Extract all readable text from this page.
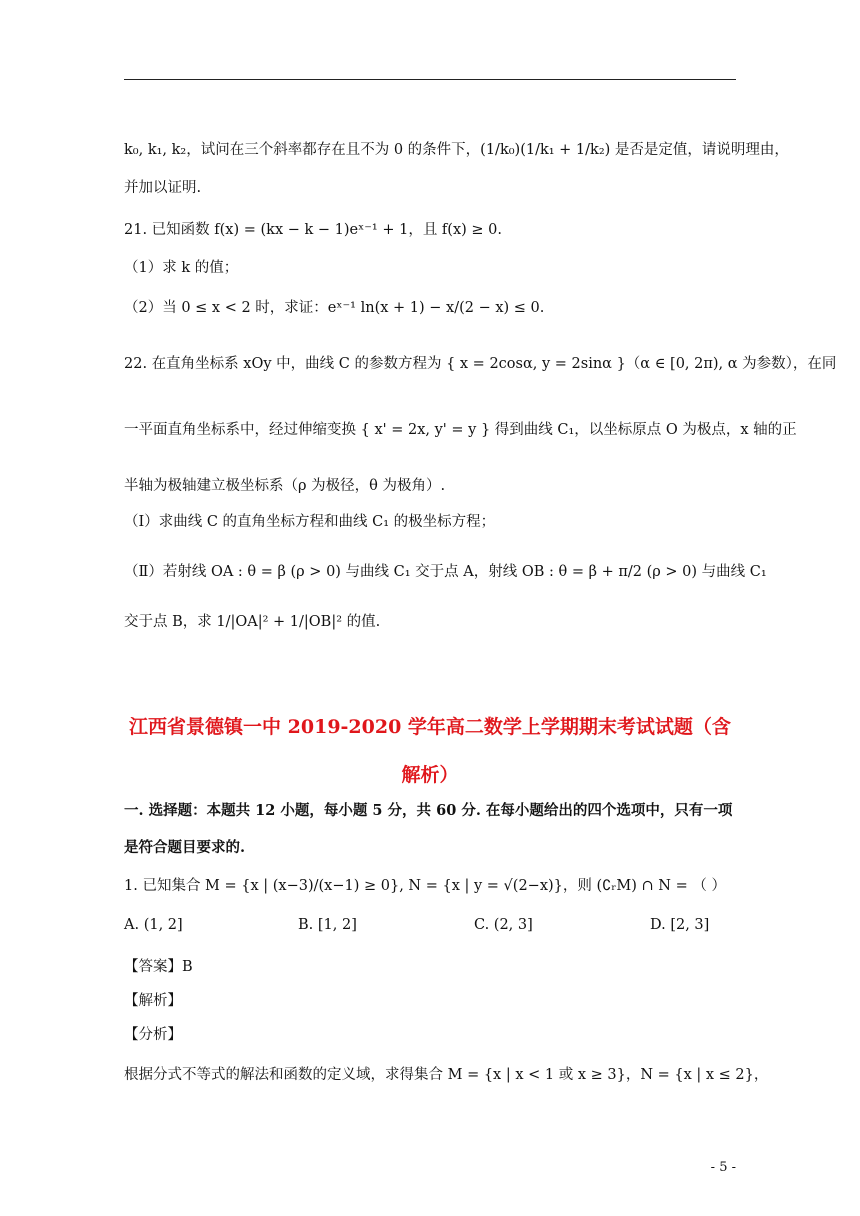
k₀, k₁, k₂，试问在三个斜率都存在且不为 0 的条件下，(1/k₀)(1/k₁ + 1/k₂) 是否是定值，请说明理由，
并加以证明.
21. 已知函数 f(x) = (kx − k − 1)eˣ⁻¹ + 1，且 f(x) ≥ 0.
（1）求 k 的值；
（2）当 0 ≤ x < 2 时，求证：eˣ⁻¹ ln(x + 1) − x/(2 − x) ≤ 0.
22. 在直角坐标系 xOy 中，曲线 C 的参数方程为 { x = 2cosα, y = 2sinα }（α ∈ [0, 2π), α 为参数），在同
一平面直角坐标系中，经过伸缩变换 { x' = 2x, y' = y } 得到曲线 C₁，以坐标原点 O 为极点，x 轴的正
半轴为极轴建立极坐标系（ρ 为极径，θ 为极角）.
（Ⅰ）求曲线 C 的直角坐标方程和曲线 C₁ 的极坐标方程；
（Ⅱ）若射线 OA : θ = β (ρ > 0) 与曲线 C₁ 交于点 A，射线 OB : θ = β + π/2 (ρ > 0) 与曲线 C₁
交于点 B，求 1/|OA|² + 1/|OB|² 的值.
江西省景德镇一中 2019-2020 学年高二数学上学期期末考试试题（含
解析）
一. 选择题：本题共 12 小题，每小题 5 分，共 60 分. 在每小题给出的四个选项中，只有一项
是符合题目要求的.
1. 已知集合 M = {x | (x−3)/(x−1) ≥ 0}, N = {x | y = √(2−x)}，则 (∁ᵣM) ∩ N = （ ）
A. (1, 2]	B. [1, 2]	C. (2, 3]	D. [2, 3]
【答案】B
【解析】
【分析】
根据分式不等式的解法和函数的定义域，求得集合 M = {x | x < 1 或 x ≥ 3}，N = {x | x ≤ 2}，
- 5 -
